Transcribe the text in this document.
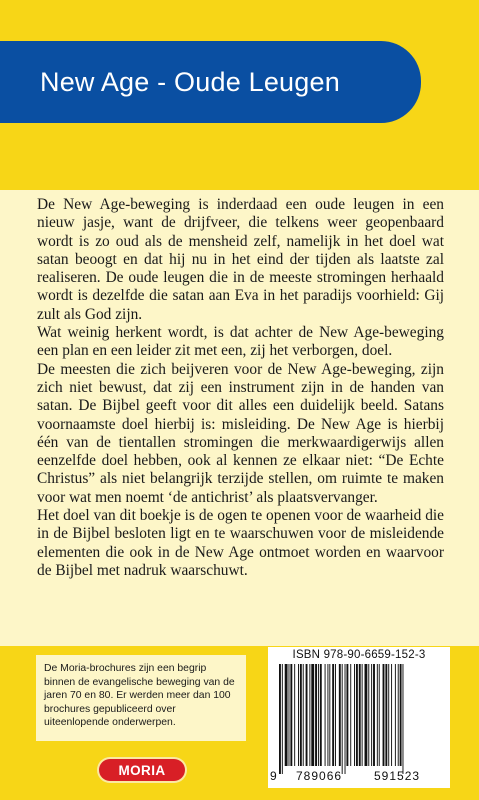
New Age - Oude Leugen

De New Age-beweging is inderdaad een oude leugen in een nieuw jasje, want de drijfveer, die telkens weer geopenbaard wordt is zo oud als de mensheid zelf, namelijk in het doel wat satan beoogt en dat hij nu in het eind der tijden als laatste zal realiseren. De oude leugen die in de meeste stromingen herhaald wordt is dezelfde die satan aan Eva in het paradijs voorhield: Gij zult als God zijn.

Wat weinig herkent wordt, is dat achter de New Age-beweging een plan en een leider zit met een, zij het verborgen, doel.

De meesten die zich beijveren voor de New Age-beweging, zijn zich niet bewust, dat zij een instrument zijn in de handen van satan. De Bijbel geeft voor dit alles een duidelijk beeld. Satans voornaamste doel hierbij is: misleiding. De New Age is hierbij één van de tientallen stromingen die merkwaardigerwijs allen eenzelfde doel hebben, ook al kennen ze elkaar niet: “De Echte Christus” als niet belangrijk terzijde stellen, om ruimte te maken voor wat men noemt ‘de antichrist’ als plaatsvervanger.

Het doel van dit boekje is de ogen te openen voor de waarheid die in de Bijbel besloten ligt en te waarschuwen voor de misleidende elementen die ook in de New Age ontmoet worden en waarvoor de Bijbel met nadruk waarschuwt.

De Moria-brochures zijn een begrip binnen de evangelische beweging van de jaren 70 en 80. Er werden meer dan 100 brochures gepubliceerd over uiteenlopende onderwerpen.
MORIA
ISBN 978-90-6659-152-3
9 789066	591523
